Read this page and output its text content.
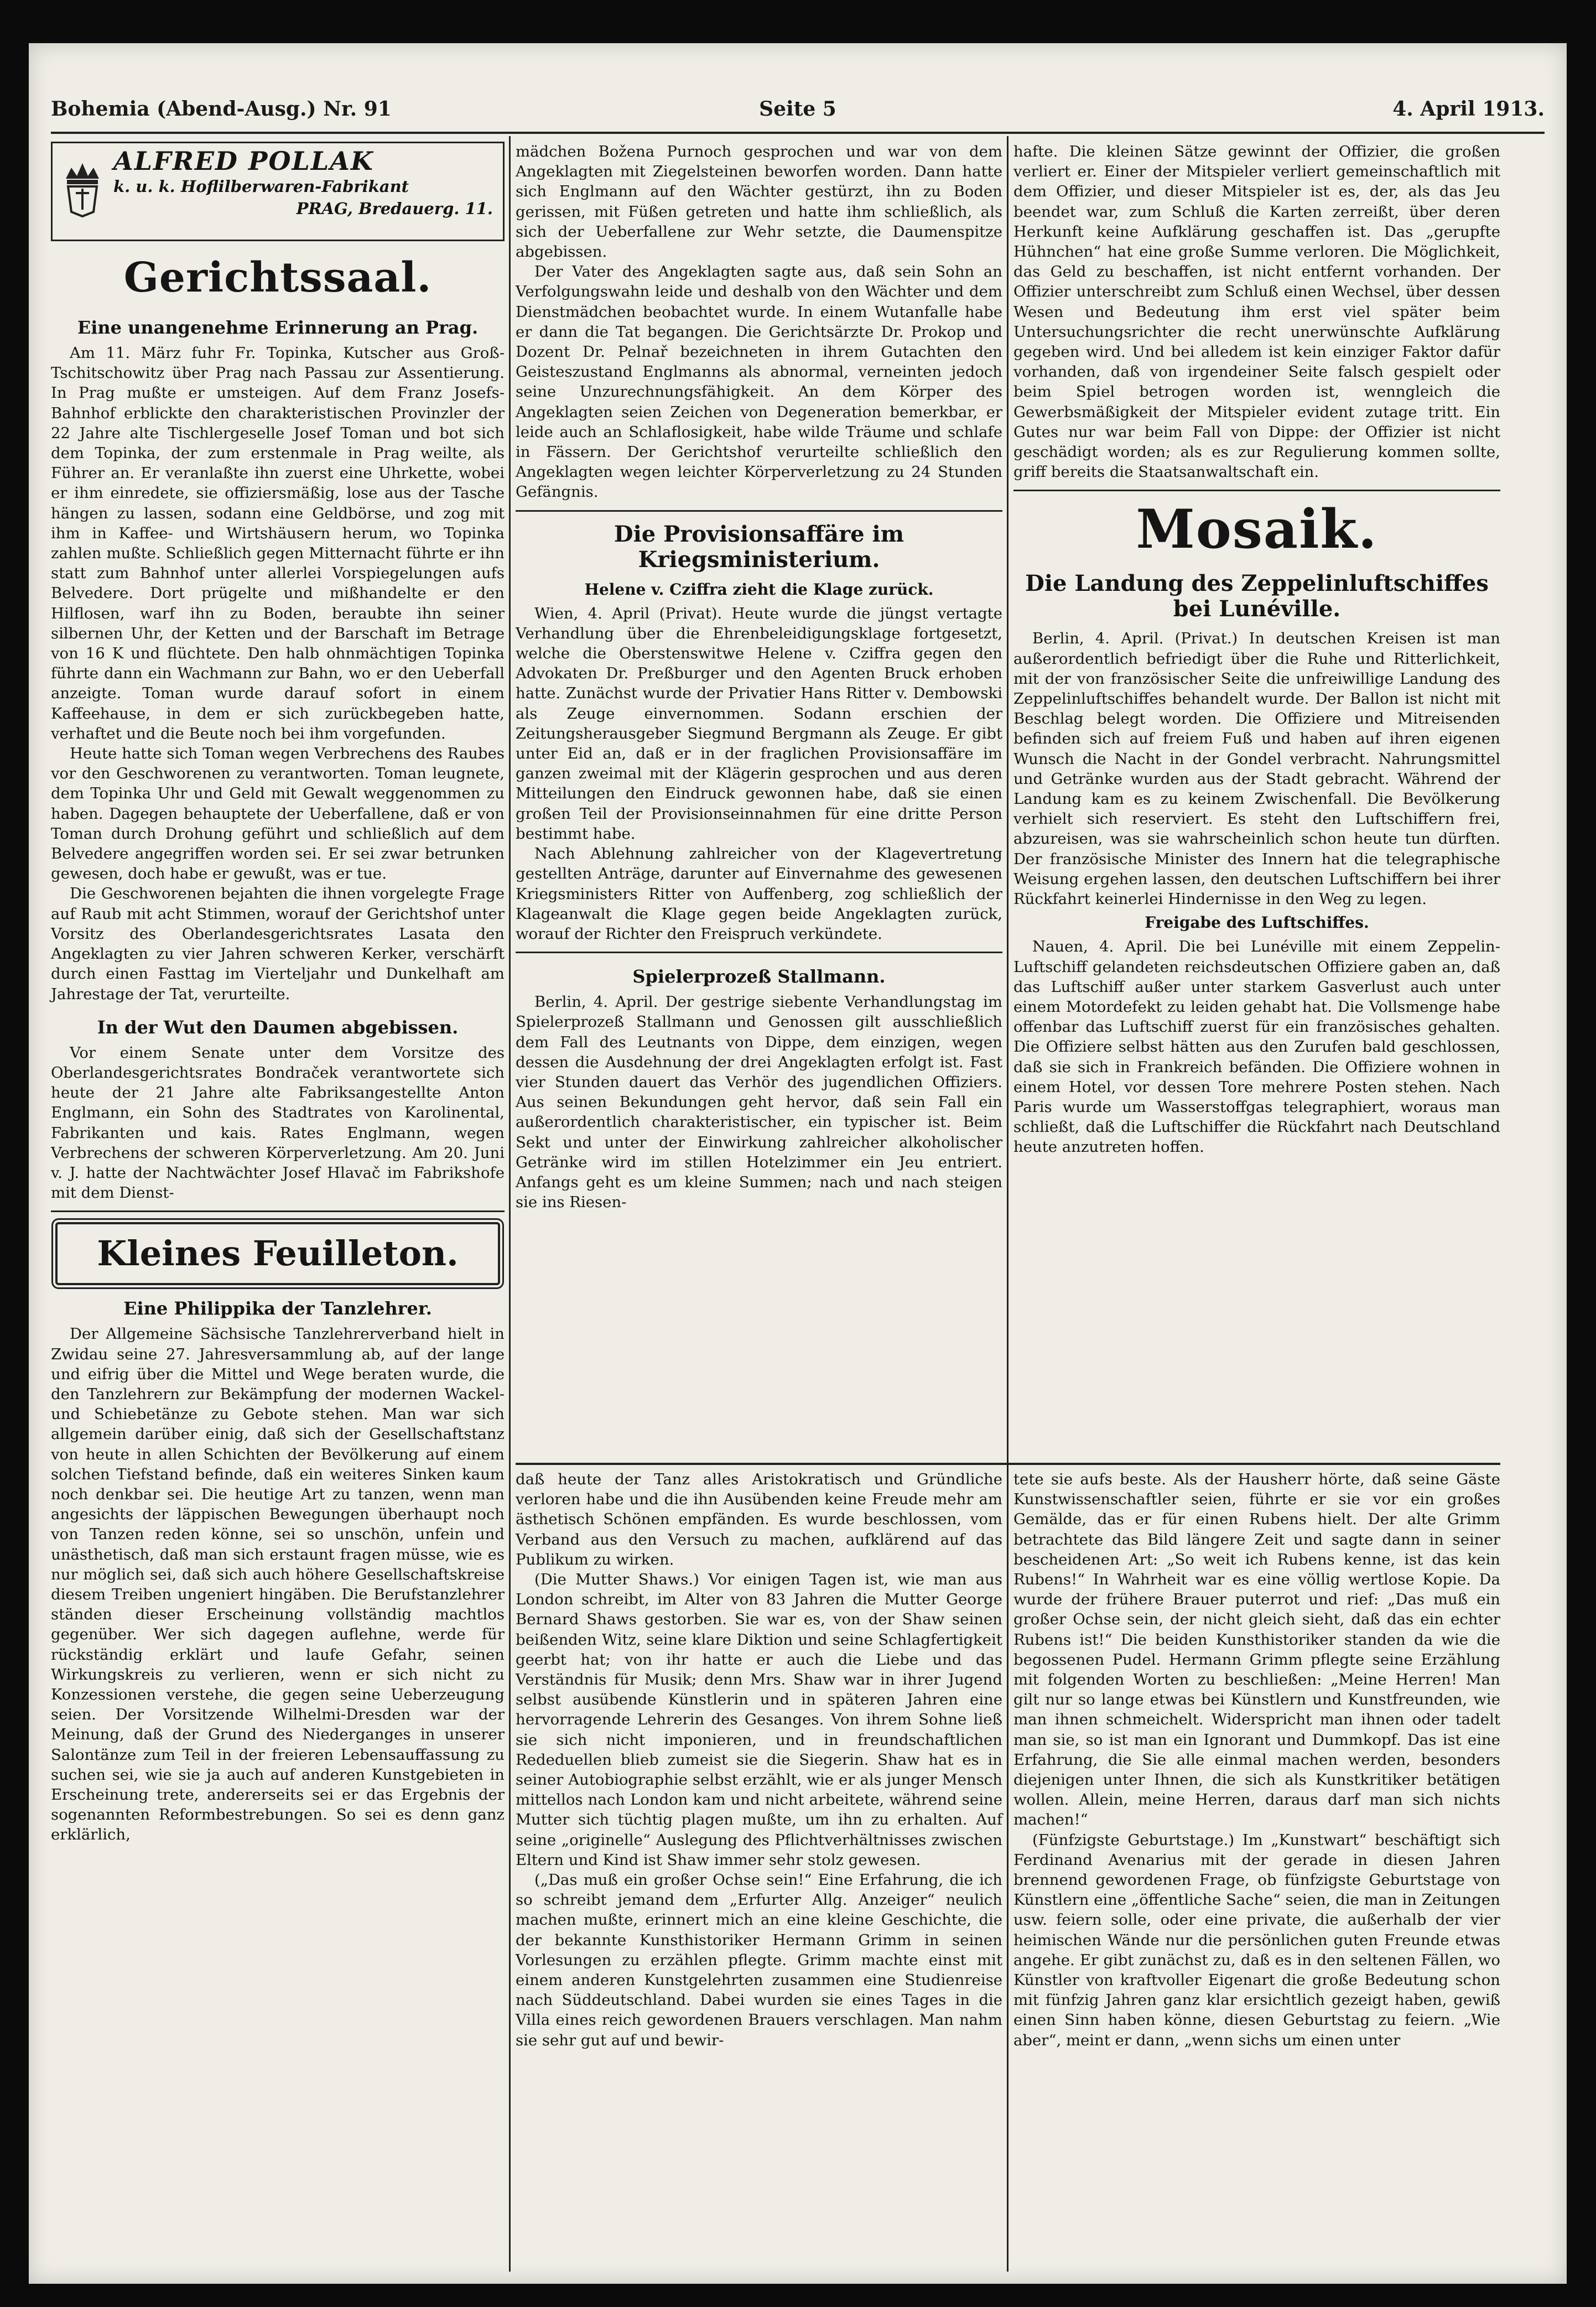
Bohemia (Abend-Ausg.) Nr. 91	Seite 5	4. April 1913.
ALFRED POLLAK
k. u. k. Hoflilberwaren-Fabrikant
PRAG, Bredauerg. 11.
Gerichtssaal.
Eine unangenehme Erinnerung an Prag.

Am 11. März fuhr Fr. Topinka, Kutscher aus Groß-Tschitschowitz über Prag nach Passau zur Assentierung. In Prag mußte er umsteigen. Auf dem Franz Josefs-Bahnhof erblickte den charakteristischen Provinzler der 22 Jahre alte Tischlergeselle Josef Toman und bot sich dem Topinka, der zum erstenmale in Prag weilte, als Führer an. Er veranlaßte ihn zuerst eine Uhrkette, wobei er ihm einredete, sie offiziersmäßig, lose aus der Tasche hängen zu lassen, sodann eine Geldbörse, und zog mit ihm in Kaffee- und Wirtshäusern herum, wo Topinka zahlen mußte. Schließlich gegen Mitternacht führte er ihn statt zum Bahnhof unter allerlei Vorspiegelungen aufs Belvedere. Dort prügelte und mißhandelte er den Hilflosen, warf ihn zu Boden, beraubte ihn seiner silbernen Uhr, der Ketten und der Barschaft im Betrage von 16 K und flüchtete. Den halb ohnmächtigen Topinka führte dann ein Wachmann zur Bahn, wo er den Ueberfall anzeigte. Toman wurde darauf sofort in einem Kaffeehause, in dem er sich zurückbegeben hatte, verhaftet und die Beute noch bei ihm vorgefunden.

Heute hatte sich Toman wegen Verbrechens des Raubes vor den Geschworenen zu verantworten. Toman leugnete, dem Topinka Uhr und Geld mit Gewalt weggenommen zu haben. Dagegen behauptete der Ueberfallene, daß er von Toman durch Drohung geführt und schließlich auf dem Belvedere angegriffen worden sei. Er sei zwar betrunken gewesen, doch habe er gewußt, was er tue.

Die Geschworenen bejahten die ihnen vorgelegte Frage auf Raub mit acht Stimmen, worauf der Gerichtshof unter Vorsitz des Oberlandesgerichtsrates Lasata den Angeklagten zu vier Jahren schweren Kerker, verschärft durch einen Fasttag im Vierteljahr und Dunkelhaft am Jahrestage der Tat, verurteilte.

In der Wut den Daumen abgebissen.

Vor einem Senate unter dem Vorsitze des Oberlandesgerichtsrates Bondraček verantwortete sich heute der 21 Jahre alte Fabriksangestellte Anton Englmann, ein Sohn des Stadtrates von Karolinental, Fabrikanten und kais. Rates Englmann, wegen Verbrechens der schweren Körperverletzung. Am 20. Juni v. J. hatte der Nachtwächter Josef Hlavač im Fabrikshofe mit dem Dienst-

Kleines Feuilleton.
Eine Philippika der Tanzlehrer.

Der Allgemeine Sächsische Tanzlehrerverband hielt in Zwidau seine 27. Jahresversammlung ab, auf der lange und eifrig über die Mittel und Wege beraten wurde, die den Tanzlehrern zur Bekämpfung der modernen Wackel- und Schiebetänze zu Gebote stehen. Man war sich allgemein darüber einig, daß sich der Gesellschaftstanz von heute in allen Schichten der Bevölkerung auf einem solchen Tiefstand befinde, daß ein weiteres Sinken kaum noch denkbar sei. Die heutige Art zu tanzen, wenn man angesichts der läppischen Bewegungen überhaupt noch von Tanzen reden könne, sei so unschön, unfein und unästhetisch, daß man sich erstaunt fragen müsse, wie es nur möglich sei, daß sich auch höhere Gesellschaftskreise diesem Treiben ungeniert hingäben. Die Berufstanzlehrer ständen dieser Erscheinung vollständig machtlos gegenüber. Wer sich dagegen auflehne, werde für rückständig erklärt und laufe Gefahr, seinen Wirkungskreis zu verlieren, wenn er sich nicht zu Konzessionen verstehe, die gegen seine Ueberzeugung seien. Der Vorsitzende Wilhelmi-Dresden war der Meinung, daß der Grund des Niederganges in unserer Salontänze zum Teil in der freieren Lebensauffassung zu suchen sei, wie sie ja auch auf anderen Kunstgebieten in Erscheinung trete, andererseits sei er das Ergebnis der sogenannten Reformbestrebungen. So sei es denn ganz erklärlich,

mädchen Božena Purnoch gesprochen und war von dem Angeklagten mit Ziegelsteinen beworfen worden. Dann hatte sich Englmann auf den Wächter gestürzt, ihn zu Boden gerissen, mit Füßen getreten und hatte ihm schließlich, als sich der Ueberfallene zur Wehr setzte, die Daumenspitze abgebissen.

Der Vater des Angeklagten sagte aus, daß sein Sohn an Verfolgungswahn leide und deshalb von den Wächter und dem Dienstmädchen beobachtet wurde. In einem Wutanfalle habe er dann die Tat begangen. Die Gerichtsärzte Dr. Prokop und Dozent Dr. Pelnař bezeichneten in ihrem Gutachten den Geisteszustand Englmanns als abnormal, verneinten jedoch seine Unzurechnungsfähigkeit. An dem Körper des Angeklagten seien Zeichen von Degeneration bemerkbar, er leide auch an Schlaflosigkeit, habe wilde Träume und schlafe in Fässern. Der Gerichtshof verurteilte schließlich den Angeklagten wegen leichter Körperverletzung zu 24 Stunden Gefängnis.

Die Provisionsaffäre im Kriegsministerium.
Helene v. Cziffra zieht die Klage zurück.

Wien, 4. April (Privat). Heute wurde die jüngst vertagte Verhandlung über die Ehrenbeleidigungsklage fortgesetzt, welche die Oberstenswitwe Helene v. Cziffra gegen den Advokaten Dr. Preßburger und den Agenten Bruck erhoben hatte. Zunächst wurde der Privatier Hans Ritter v. Dembowski als Zeuge einvernommen. Sodann erschien der Zeitungsherausgeber Siegmund Bergmann als Zeuge. Er gibt unter Eid an, daß er in der fraglichen Provisionsaffäre im ganzen zweimal mit der Klägerin gesprochen und aus deren Mitteilungen den Eindruck gewonnen habe, daß sie einen großen Teil der Provisionseinnahmen für eine dritte Person bestimmt habe.

Nach Ablehnung zahlreicher von der Klagevertretung gestellten Anträge, darunter auf Einvernahme des gewesenen Kriegsministers Ritter von Auffenberg, zog schließlich der Klageanwalt die Klage gegen beide Angeklagten zurück, worauf der Richter den Freispruch verkündete.

Spielerprozeß Stallmann.

Berlin, 4. April. Der gestrige siebente Verhandlungstag im Spielerprozeß Stallmann und Genossen gilt ausschließlich dem Fall des Leutnants von Dippe, dem einzigen, wegen dessen die Ausdehnung der drei Angeklagten erfolgt ist. Fast vier Stunden dauert das Verhör des jugendlichen Offiziers. Aus seinen Bekundungen geht hervor, daß sein Fall ein außerordentlich charakteristischer, ein typischer ist. Beim Sekt und unter der Einwirkung zahlreicher alkoholischer Getränke wird im stillen Hotelzimmer ein Jeu entriert. Anfangs geht es um kleine Summen; nach und nach steigen sie ins Riesen-

hafte. Die kleinen Sätze gewinnt der Offizier, die großen verliert er. Einer der Mitspieler verliert gemeinschaftlich mit dem Offizier, und dieser Mitspieler ist es, der, als das Jeu beendet war, zum Schluß die Karten zerreißt, über deren Herkunft keine Aufklärung geschaffen ist. Das „gerupfte Hühnchen“ hat eine große Summe verloren. Die Möglichkeit, das Geld zu beschaffen, ist nicht entfernt vorhanden. Der Offizier unterschreibt zum Schluß einen Wechsel, über dessen Wesen und Bedeutung ihm erst viel später beim Untersuchungsrichter die recht unerwünschte Aufklärung gegeben wird. Und bei alledem ist kein einziger Faktor dafür vorhanden, daß von irgendeiner Seite falsch gespielt oder beim Spiel betrogen worden ist, wenngleich die Gewerbsmäßigkeit der Mitspieler evident zutage tritt. Ein Gutes nur war beim Fall von Dippe: der Offizier ist nicht geschädigt worden; als es zur Regulierung kommen sollte, griff bereits die Staatsanwaltschaft ein.

Mosaik.
Die Landung des Zeppelinluftschiffes bei Lunéville.

Berlin, 4. April. (Privat.) In deutschen Kreisen ist man außerordentlich befriedigt über die Ruhe und Ritterlichkeit, mit der von französischer Seite die unfreiwillige Landung des Zeppelinluftschiffes behandelt wurde. Der Ballon ist nicht mit Beschlag belegt worden. Die Offiziere und Mitreisenden befinden sich auf freiem Fuß und haben auf ihren eigenen Wunsch die Nacht in der Gondel verbracht. Nahrungsmittel und Getränke wurden aus der Stadt gebracht. Während der Landung kam es zu keinem Zwischenfall. Die Bevölkerung verhielt sich reserviert. Es steht den Luftschiffern frei, abzureisen, was sie wahrscheinlich schon heute tun dürften. Der französische Minister des Innern hat die telegraphische Weisung ergehen lassen, den deutschen Luftschiffern bei ihrer Rückfahrt keinerlei Hindernisse in den Weg zu legen.

Freigabe des Luftschiffes.

Nauen, 4. April. Die bei Lunéville mit einem Zeppelin-Luftschiff gelandeten reichsdeutschen Offiziere gaben an, daß das Luftschiff außer unter starkem Gasverlust auch unter einem Motordefekt zu leiden gehabt hat. Die Vollsmenge habe offenbar das Luftschiff zuerst für ein französisches gehalten. Die Offiziere selbst hätten aus den Zurufen bald geschlossen, daß sie sich in Frankreich befänden. Die Offiziere wohnen in einem Hotel, vor dessen Tore mehrere Posten stehen. Nach Paris wurde um Wasserstoffgas telegraphiert, woraus man schließt, daß die Luftschiffer die Rückfahrt nach Deutschland heute anzutreten hoffen.

daß heute der Tanz alles Aristokratisch und Gründliche verloren habe und die ihn Ausübenden keine Freude mehr am ästhetisch Schönen empfänden. Es wurde beschlossen, vom Verband aus den Versuch zu machen, aufklärend auf das Publikum zu wirken.

(Die Mutter Shaws.) Vor einigen Tagen ist, wie man aus London schreibt, im Alter von 83 Jahren die Mutter George Bernard Shaws gestorben. Sie war es, von der Shaw seinen beißenden Witz, seine klare Diktion und seine Schlagfertigkeit geerbt hat; von ihr hatte er auch die Liebe und das Verständnis für Musik; denn Mrs. Shaw war in ihrer Jugend selbst ausübende Künstlerin und in späteren Jahren eine hervorragende Lehrerin des Gesanges. Von ihrem Sohne ließ sie sich nicht imponieren, und in freundschaftlichen Rededuellen blieb zumeist sie die Siegerin. Shaw hat es in seiner Autobiographie selbst erzählt, wie er als junger Mensch mittellos nach London kam und nicht arbeitete, während seine Mutter sich tüchtig plagen mußte, um ihn zu erhalten. Auf seine „originelle“ Auslegung des Pflichtverhältnisses zwischen Eltern und Kind ist Shaw immer sehr stolz gewesen.

(„Das muß ein großer Ochse sein!“ Eine Erfahrung, die ich so schreibt jemand dem „Erfurter Allg. Anzeiger“ neulich machen mußte, erinnert mich an eine kleine Geschichte, die der bekannte Kunsthistoriker Hermann Grimm in seinen Vorlesungen zu erzählen pflegte. Grimm machte einst mit einem anderen Kunstgelehrten zusammen eine Studienreise nach Süddeutschland. Dabei wurden sie eines Tages in die Villa eines reich gewordenen Brauers verschlagen. Man nahm sie sehr gut auf und bewir-

tete sie aufs beste. Als der Hausherr hörte, daß seine Gäste Kunstwissenschaftler seien, führte er sie vor ein großes Gemälde, das er für einen Rubens hielt. Der alte Grimm betrachtete das Bild längere Zeit und sagte dann in seiner bescheidenen Art: „So weit ich Rubens kenne, ist das kein Rubens!“ In Wahrheit war es eine völlig wertlose Kopie. Da wurde der frühere Brauer puterrot und rief: „Das muß ein großer Ochse sein, der nicht gleich sieht, daß das ein echter Rubens ist!“ Die beiden Kunsthistoriker standen da wie die begossenen Pudel. Hermann Grimm pflegte seine Erzählung mit folgenden Worten zu beschließen: „Meine Herren! Man gilt nur so lange etwas bei Künstlern und Kunstfreunden, wie man ihnen schmeichelt. Widerspricht man ihnen oder tadelt man sie, so ist man ein Ignorant und Dummkopf. Das ist eine Erfahrung, die Sie alle einmal machen werden, besonders diejenigen unter Ihnen, die sich als Kunstkritiker betätigen wollen. Allein, meine Herren, daraus darf man sich nichts machen!“

(Fünfzigste Geburtstage.) Im „Kunstwart“ beschäftigt sich Ferdinand Avenarius mit der gerade in diesen Jahren brennend gewordenen Frage, ob fünfzigste Geburtstage von Künstlern eine „öffentliche Sache“ seien, die man in Zeitungen usw. feiern solle, oder eine private, die außerhalb der vier heimischen Wände nur die persönlichen guten Freunde etwas angehe. Er gibt zunächst zu, daß es in den seltenen Fällen, wo Künstler von kraftvoller Eigenart die große Bedeutung schon mit fünfzig Jahren ganz klar ersichtlich gezeigt haben, gewiß einen Sinn haben könne, diesen Geburtstag zu feiern. „Wie aber“, meint er dann, „wenn sichs um einen unter
